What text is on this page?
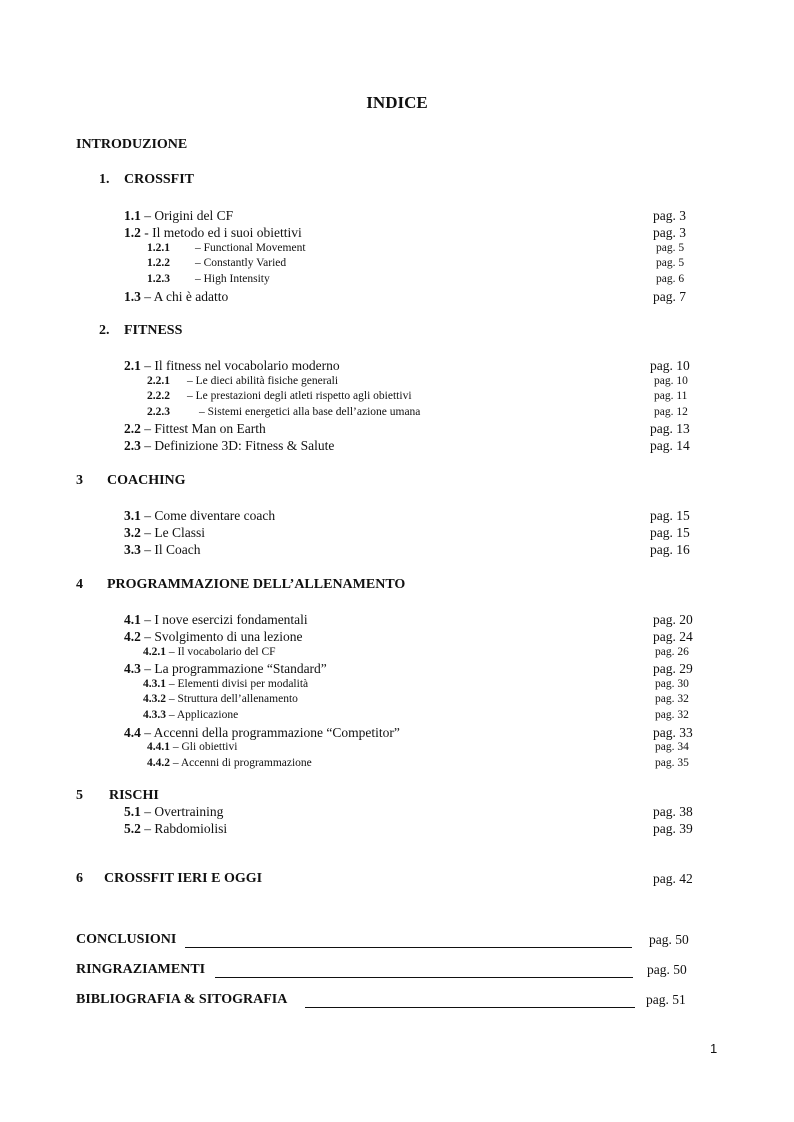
INDICE
INTRODUZIONE
1. CROSSFIT
1.1 – Origini del CF	pag. 3
1.2 - Il metodo ed i suoi obiettivi	pag. 3
1.2.1 – Functional Movement	pag. 5
1.2.2 – Constantly Varied	pag. 5
1.2.3 – High Intensity	pag. 6
1.3 – A chi è adatto	pag. 7
2. FITNESS
2.1 – Il fitness nel vocabolario moderno	pag. 10
2.2.1 – Le dieci abilità fisiche generali	pag. 10
2.2.2 – Le prestazioni degli atleti rispetto agli obiettivi	pag. 11
2.2.3	– Sistemi energetici alla base dell’azione umana	pag. 12
2.2 – Fittest Man on Earth	pag. 13
2.3 – Definizione 3D: Fitness & Salute	pag. 14
3 COACHING
3.1 – Come diventare coach	pag. 15
3.2 – Le Classi	pag. 15
3.3 – Il Coach	pag. 16
4 PROGRAMMAZIONE DELL’ALLENAMENTO
4.1 – I nove esercizi fondamentali	pag. 20
4.2 – Svolgimento di una lezione	pag. 24
4.2.1 – Il vocabolario del CF	pag. 26
4.3 – La programmazione “Standard”	pag. 29
4.3.1 – Elementi divisi per modalità	pag. 30
4.3.2 – Struttura dell’allenamento	pag. 32
4.3.3 – Applicazione	pag. 32
4.4 – Accenni della programmazione “Competitor”	pag. 33
4.4.1 – Gli obiettivi	pag. 34
4.4.2 – Accenni di programmazione	pag. 35
5 RISCHI
5.1 – Overtraining	pag. 38
5.2 – Rabdomiolisi	pag. 39
6 CROSSFIT IERI E OGGI	pag. 42
CONCLUSIONI	pag. 50
RINGRAZIAMENTI	pag. 50
BIBLIOGRAFIA & SITOGRAFIA	pag. 51
1
